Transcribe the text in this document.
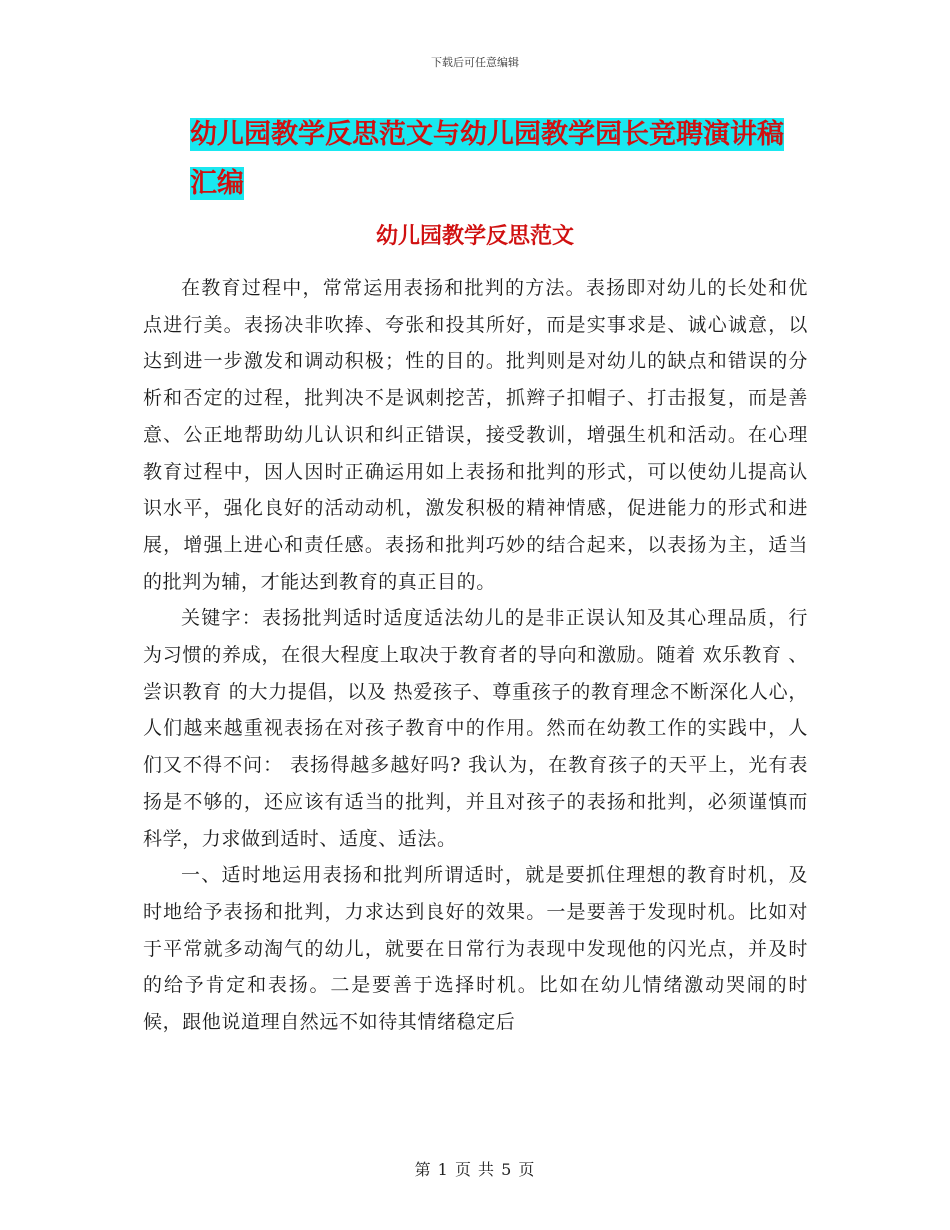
下载后可任意编辑
幼儿园教学反思范文与幼儿园教学园长竞聘演讲稿汇编
幼儿园教学反思范文

在教育过程中，常常运用表扬和批判的方法。表扬即对幼儿的长处和优点进行美。表扬决非吹捧、夸张和投其所好，而是实事求是、诚心诚意，以达到进一步激发和调动积极；性的目的。批判则是对幼儿的缺点和错误的分析和否定的过程，批判决不是讽刺挖苦，抓辫子扣帽子、打击报复，而是善意、公正地帮助幼儿认识和纠正错误，接受教训，增强生机和活动。在心理教育过程中，因人因时正确运用如上表扬和批判的形式，可以使幼儿提高认识水平，强化良好的活动动机，激发积极的精神情感，促进能力的形式和进展，增强上进心和责任感。表扬和批判巧妙的结合起来，以表扬为主，适当的批判为辅，才能达到教育的真正目的。

关键字：表扬批判适时适度适法幼儿的是非正误认知及其心理品质，行为习惯的养成，在很大程度上取决于教育者的导向和激励。随着 欢乐教育 、 尝识教育 的大力提倡，以及 热爱孩子、尊重孩子的教育理念不断深化人心，人们越来越重视表扬在对孩子教育中的作用。然而在幼教工作的实践中，人们又不得不问： 表扬得越多越好吗? 我认为，在教育孩子的天平上，光有表扬是不够的，还应该有适当的批判，并且对孩子的表扬和批判，必须谨慎而科学，力求做到适时、适度、适法。

一、适时地运用表扬和批判所谓适时，就是要抓住理想的教育时机，及时地给予表扬和批判，力求达到良好的效果。一是要善于发现时机。比如对于平常就多动淘气的幼儿，就要在日常行为表现中发现他的闪光点，并及时的给予肯定和表扬。二是要善于选择时机。比如在幼儿情绪激动哭闹的时候，跟他说道理自然远不如待其情绪稳定后

第 1 页 共 5 页
